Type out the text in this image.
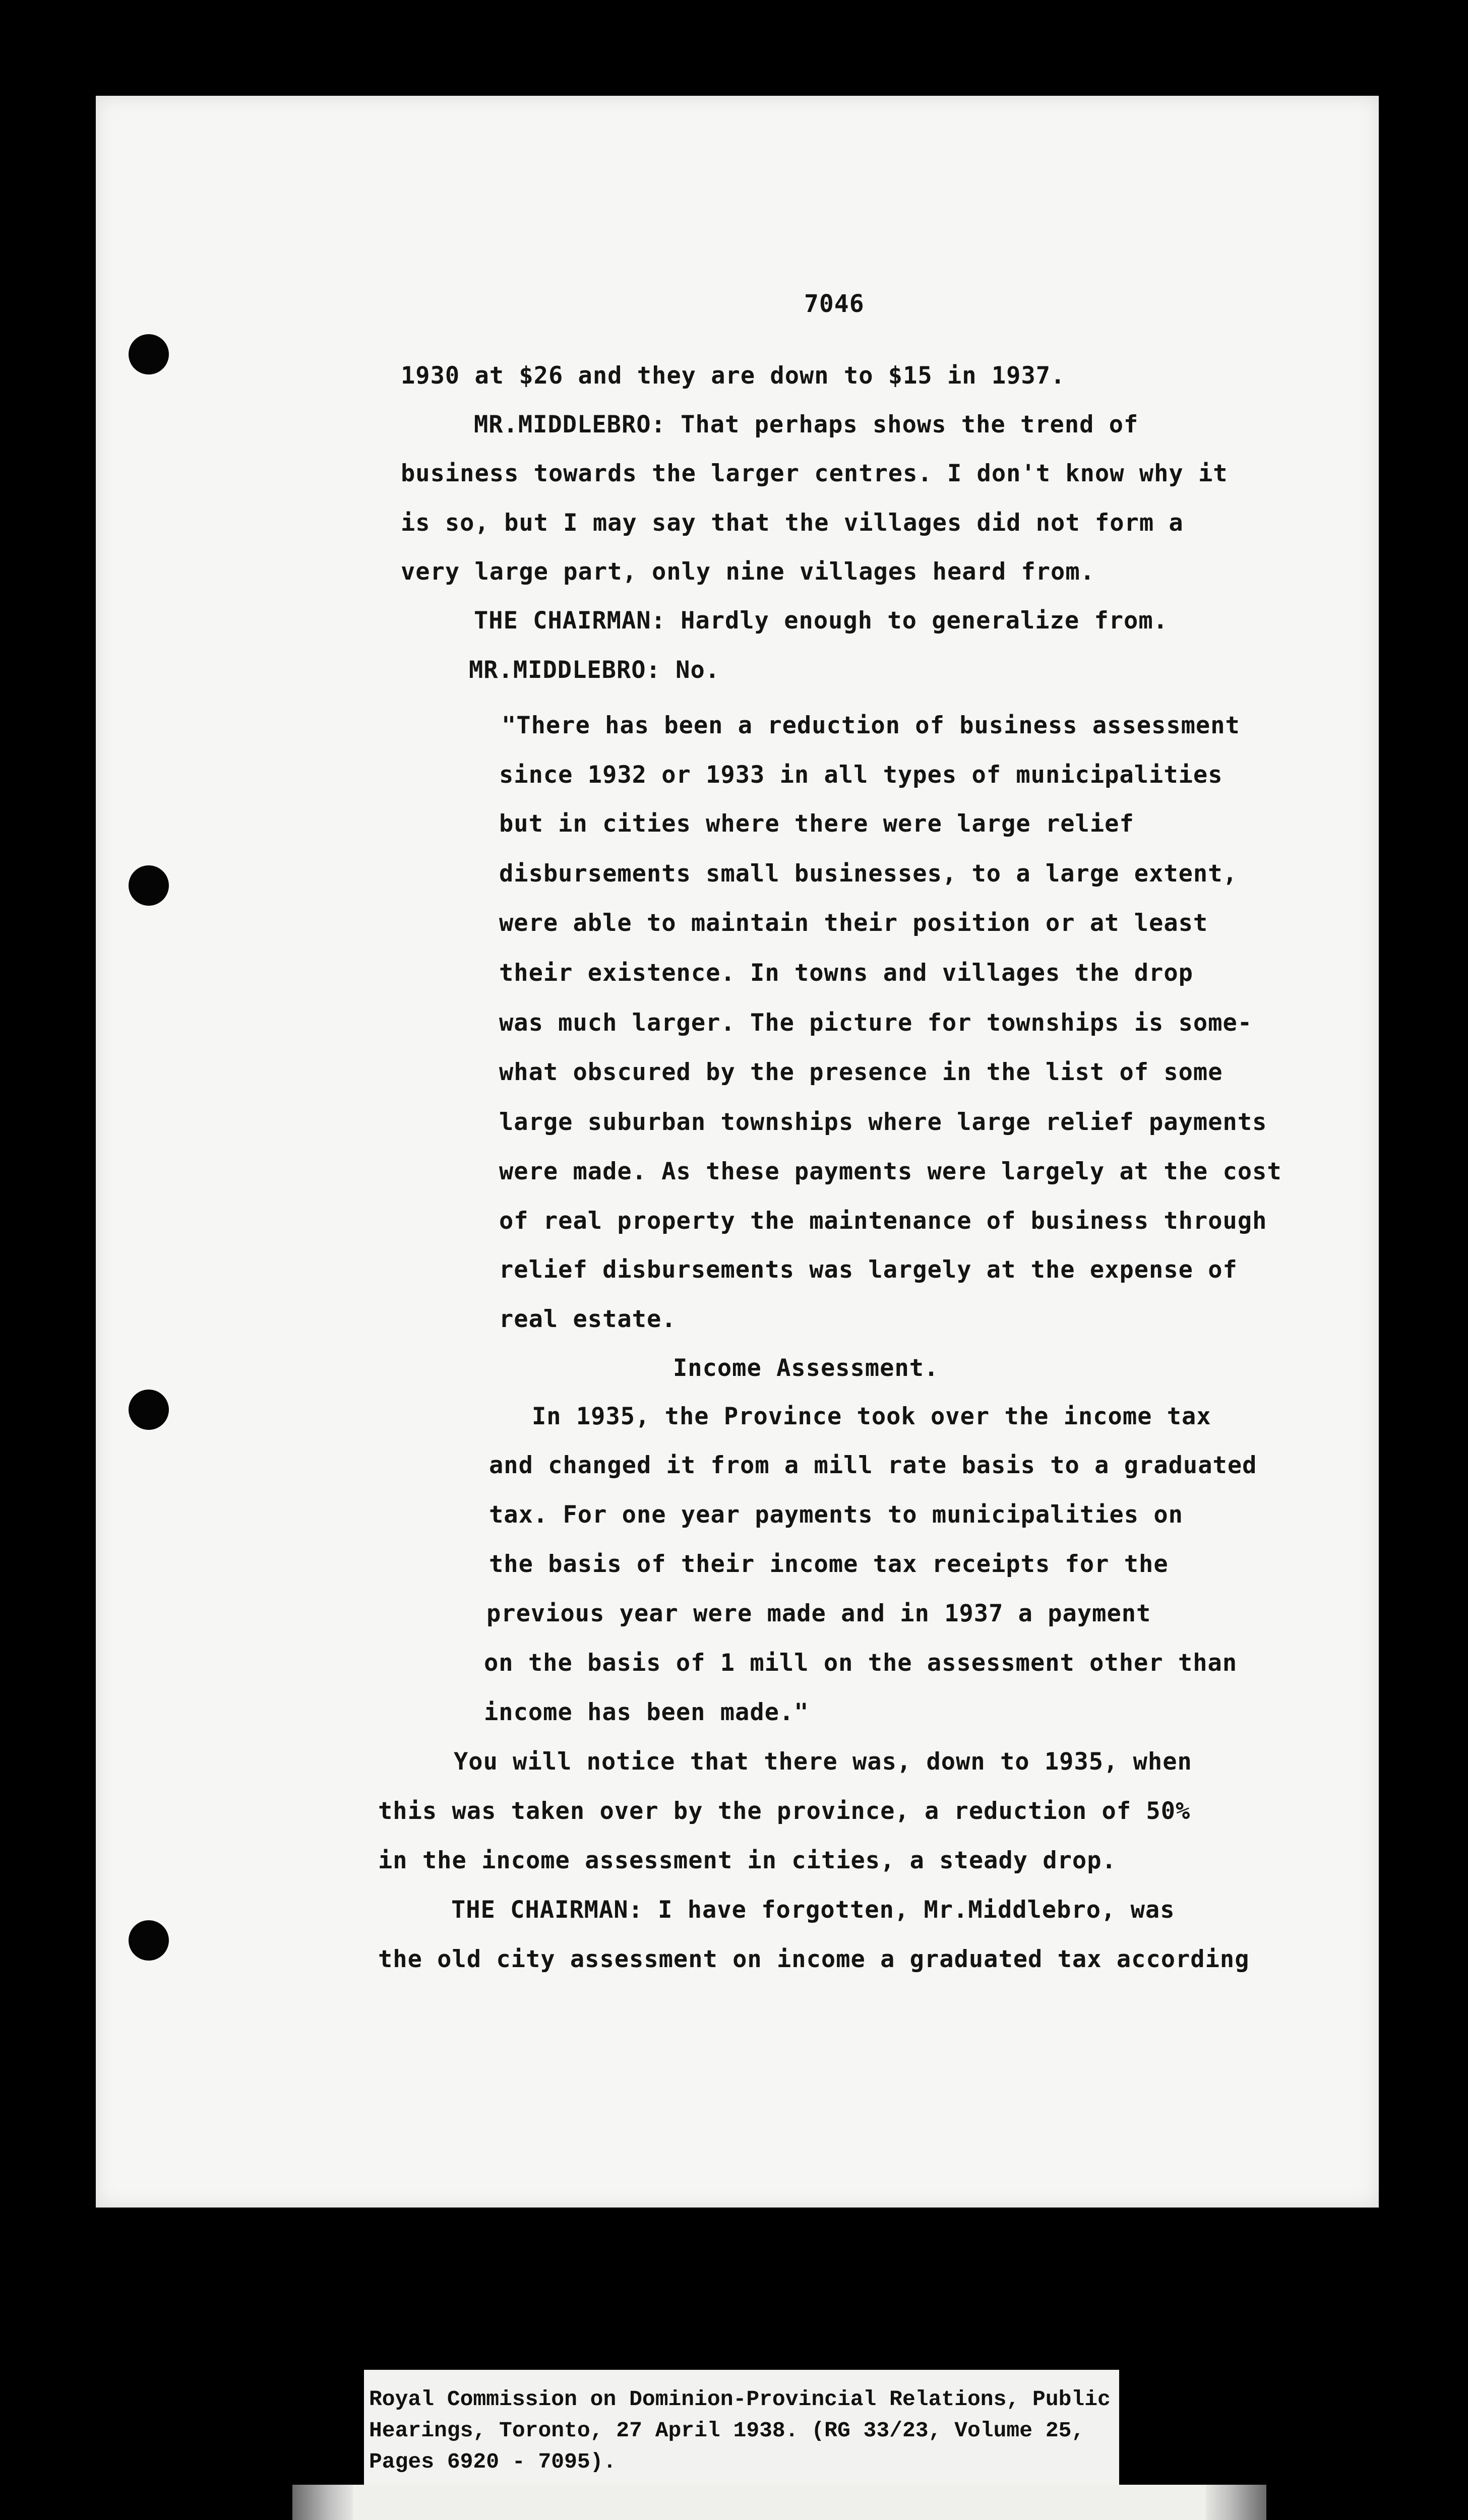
7046
1930 at $26 and they are down to $15 in 1937.
MR.MIDDLEBRO: That perhaps shows the trend of
business towards the larger centres. I don't know why it
is so, but I may say that the villages did not form a
very large part, only nine villages heard from.
THE CHAIRMAN: Hardly enough to generalize from.
MR.MIDDLEBRO: No.
"There has been a reduction of business assessment
since 1932 or 1933 in all types of municipalities
but in cities where there were large relief
disbursements small businesses, to a large extent,
were able to maintain their position or at least
their existence. In towns and villages the drop
was much larger. The picture for townships is some-
what obscured by the presence in the list of some
large suburban townships where large relief payments
were made. As these payments were largely at the cost
of real property the maintenance of business through
relief disbursements was largely at the expense of
real estate.
Income Assessment.
In 1935, the Province took over the income tax
and changed it from a mill rate basis to a graduated
tax. For one year payments to municipalities on
the basis of their income tax receipts for the
previous year were made and in 1937 a payment
on the basis of 1 mill on the assessment other than
income has been made."
You will notice that there was, down to 1935, when
this was taken over by the province, a reduction of 50%
in the income assessment in cities, a steady drop.
THE CHAIRMAN: I have forgotten, Mr.Middlebro, was
the old city assessment on income a graduated tax according
Royal Commission on Dominion-Provincial Relations, Public
Hearings, Toronto, 27 April 1938. (RG 33/23, Volume 25,
Pages 6920 - 7095).
